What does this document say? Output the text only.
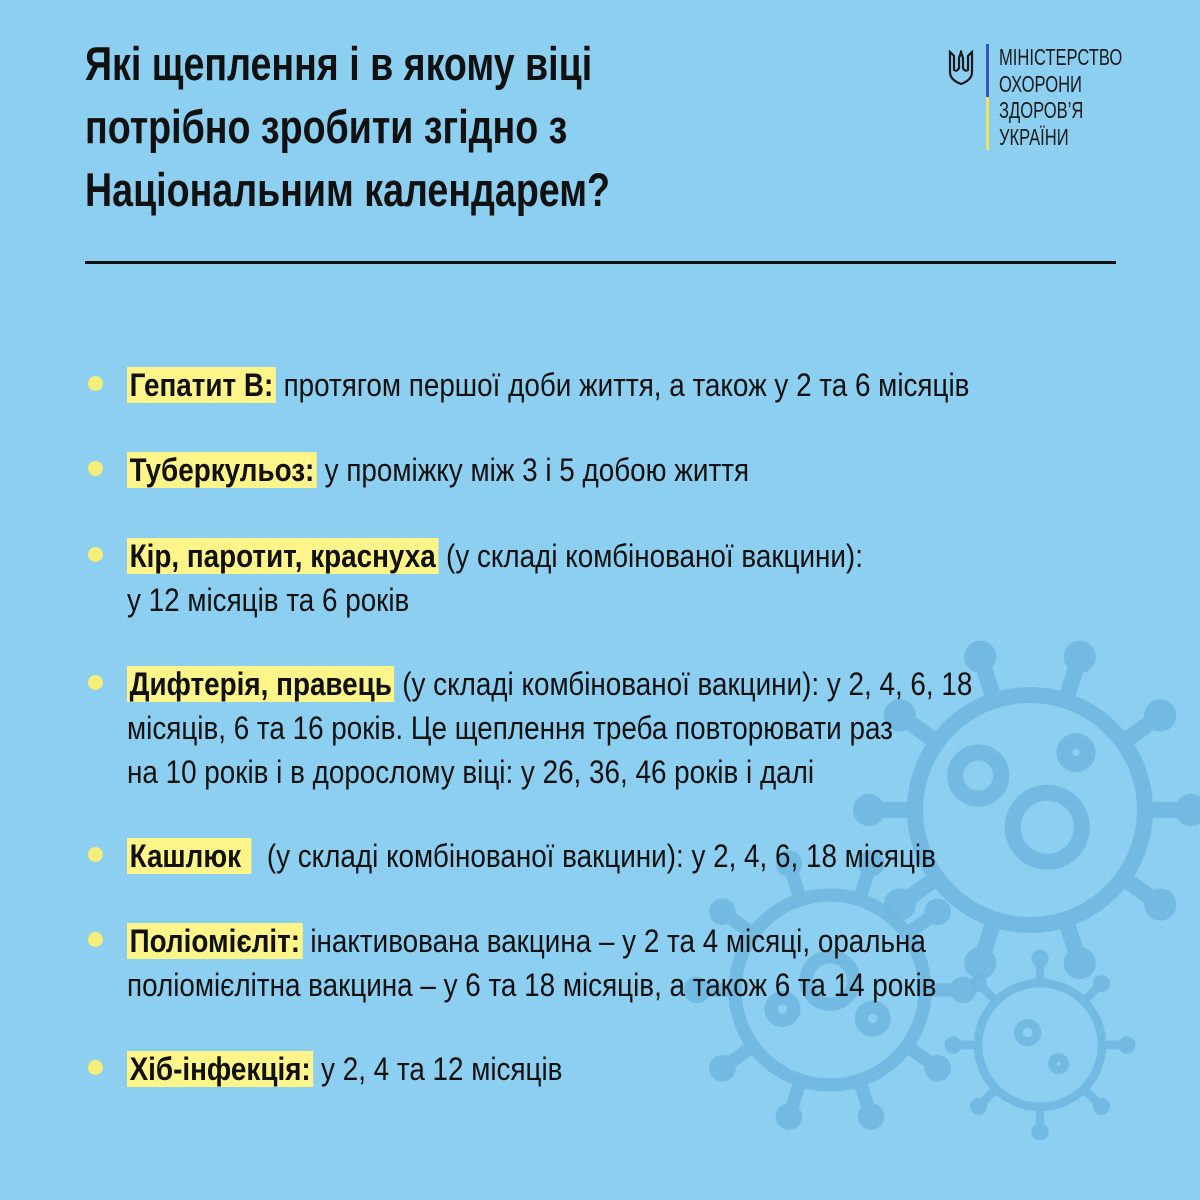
Які щеплення і в якому віці
потрібно зробити згідно з
Національним календарем?
МІНІСТЕРСТВО
ОХОРОНИ
ЗДОРОВ’Я
УКРАЇНИ
Гепатит В: протягом першої доби життя, а також у 2 та 6 місяців
Туберкульоз: у проміжку між 3 і 5 добою життя
Кір, паротит, краснуха (у складі комбінованої вакцини):
у 12 місяців та 6 років
Дифтерія, правець (у складі комбінованої вакцини): у 2, 4, 6, 18
місяців, 6 та 16 років. Це щеплення треба повторювати раз
на 10 років і в дорослому віці: у 26, 36, 46 років і далі
Кашлюк   (у складі комбінованої вакцини): у 2, 4, 6, 18 місяців
Поліомієліт: інактивована вакцина – у 2 та 4 місяці, оральна
поліомієлітна вакцина – у 6 та 18 місяців, а також 6 та 14 років
Хіб-інфекція: у 2, 4 та 12 місяців
